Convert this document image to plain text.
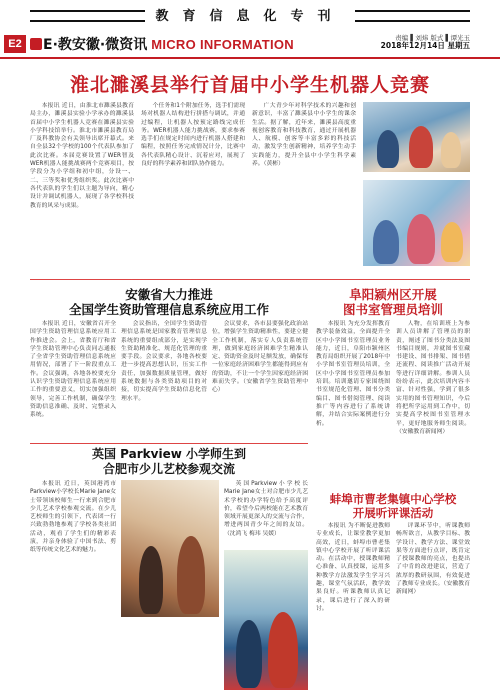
教育信息化专刊
E2	E·教安徽·微资讯 MICRO INFORMATION	责编 ▌刘炜 版式 ▌谭光玉
2018年12月14日 星期五
淮北濉溪县举行首届中小学生机器人竞赛

本报讯 近日，由淮北市濉溪县教育局主办，濉溪县实验小学承办的濉溪县首届中小学生机器人竞赛在濉溪县实验小学科技馆举行。淮北市濉溪县教育局厂及科教协会有关领导出席开幕式。来自全县32个学校的100个代表队参加了此次比赛。本届竞赛设置了WER智及WER机器人能挑战赛两个竞赛项目，按学段分为小学组和初中组，分设一、二、三等奖和优秀组织奖。此次比赛中各代表队的学生们以主题为导向，精心设计并调试机器人，展现了各学校科技教育的风采与成果。

个任务和1个附加任务，选手们需现场对机器人结构进行拼搭与调试，并通过编程，让机器人按预定路线完成任务。WER机器人能力挑战赛，要求参赛选手们在规定时间内进行机器人搭建和编程，按照任务完成情况计分，比赛中各代表队精心设计、沉着应对，展现了良好的科学素养和团队协作能力。

广大青少年对科学技术的兴趣和创新意识，丰富了濉溪县中小学生的课余生活。据了解，近年来，濉溪县高度重视创客教育和科技教育，通过开展机器人、航模、创客等丰富多彩的科技活动，激发学生创新精神，培养学生动手实践能力，提升全县中小学生科学素养。（黄彬）

安徽省大力推进
全国学生资助管理信息系统应用工作

本报讯 近日，安徽省召开全国学生资助管理信息系统应用工作推进会。会上，省教育厅和省学生资助管理中心负责同志通报了全省学生资助管理信息系统应用情况，部署了下一阶段重点工作。会议强调，各地各校要充分认识学生资助管理信息系统应用工作的重要意义，切实加强组织领导，完善工作机制，确保学生资助信息准确、及时、完整录入系统。

会议指出，全国学生资助管理信息系统是国家教育管理信息系统的重要组成部分，是实现学生资助精准化、规范化管理的重要手段。会议要求，各地各校要进一步提高思想认识，压实工作责任，加强数据质量管理，做好系统数据与各类资助项目的对接，切实提高学生资助信息化管理水平。

会议要求，各市县要强化政治站位，增强学生资助精准性，要建立健全工作机制，落实专人负责系统管理，做到家庭经济困难学生精准认定、资助资金及时足额发放，确保每一位家庭经济困难学生都能得到应有的资助，不让一个学生因家庭经济困难而失学。（安徽省学生资助管理中心）

阜阳颍州区开展
图书室管理员培训

本报讯 为充分发挥教育教学装备效益，全面提升全区中小学图书室管理员业务能力，近日，阜阳市颍州区教育局组织开展了2018年中小学图书室管理员培训，全区中小学图书室管理员参加培训。培训邀请专家围绕图书室规范化管理、图书分类编目、图书借阅管理、阅读推广等内容进行了系统讲解，并结合实际案例进行分析。

人物，在培训班上为参训人员讲解了管理员的职责，阐述了图书分类法及图书编目规则，并就图书室藏书建设、图书排架、图书借还流程、阅读推广活动开展等进行详细讲解。参训人员纷纷表示，此次培训内容丰富、针对性强，学到了很多实用的图书管理知识，今后将把所学运用到工作中，切实提高学校图书室管理水平，更好地服务师生阅读。（安徽教育新闻网）

英国 Parkview 小学师生到
合肥市少儿艺校参观交流

本报讯 近日，英国港湾市Parkview小学校长Marie Jane女士带领该校师生一行来到合肥市少儿艺术学校参观交流。在少儿艺校师生的引领下，代表团一行兴致勃勃地参观了学校各类社团活动，观看了学生们的精彩表演，并亲身体验了中国书法、剪纸等传统文化艺术的魅力。

英国Parkview小学校长Marie Jane女士对合肥市少儿艺术学校的办学特色给予高度评价，希望今后两校能在艺术教育领域开展更深入的交流与合作，增进两国青少年之间的友谊。（沈鸿飞 梅玮 吴媛）

蚌埠市曹老集镇中心学校
开展听评课活动

本报讯 为不断促进教师专业成长，让课堂教学更加高效，近日，蚌埠市曹老集镇中心学校开展了听评课活动。在活动中，授课教师精心准备、认真授课，运用多种教学方法激发学生学习兴趣，课堂气氛活跃，教学效果良好。听课教师认真记录，课后进行了深入的研讨。

评课环节中，听课教师畅所欲言，从教学目标、教学设计、教学方法、课堂效果等方面进行点评，既肯定了授课教师的亮点，也提出了中肯的改进建议，营造了浓厚的教研氛围，有效促进了教师专业成长。（安徽教育新闻网）
